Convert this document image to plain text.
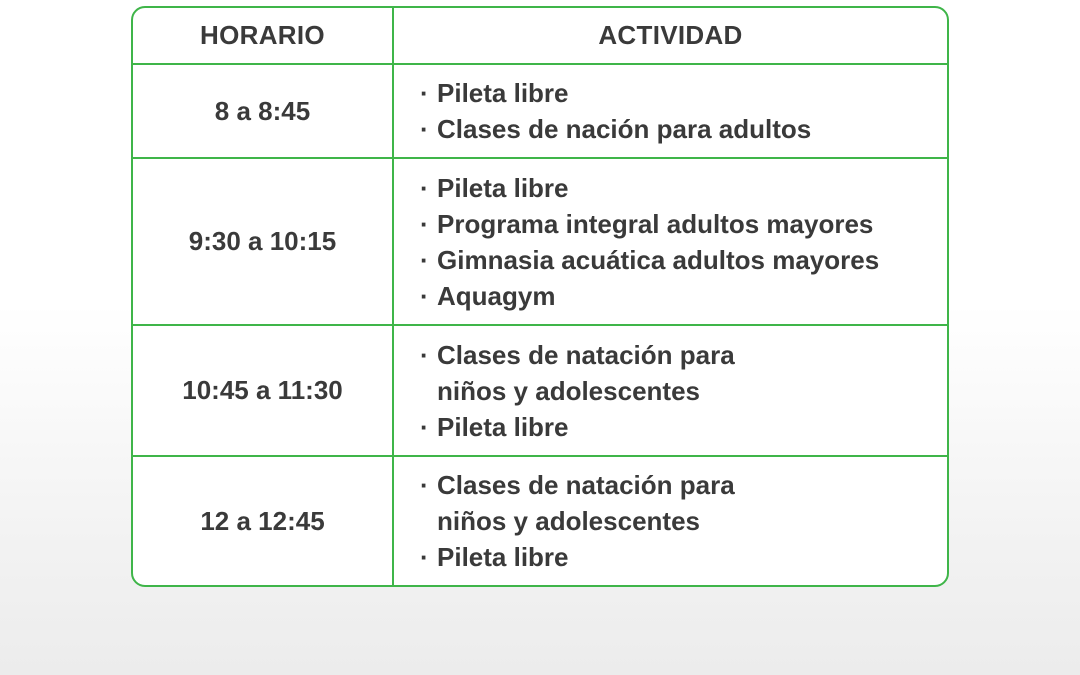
HORARIO	ACTIVIDAD
8 a 8:45
· Pileta libre
· Clases de nación para adultos
9:30 a 10:15
· Pileta libre
· Programa integral adultos mayores
· Gimnasia acuática adultos mayores
· Aquagym
10:45 a 11:30
· Clases de natación para
niños y adolescentes
· Pileta libre
12 a 12:45
· Clases de natación para
niños y adolescentes
· Pileta libre
